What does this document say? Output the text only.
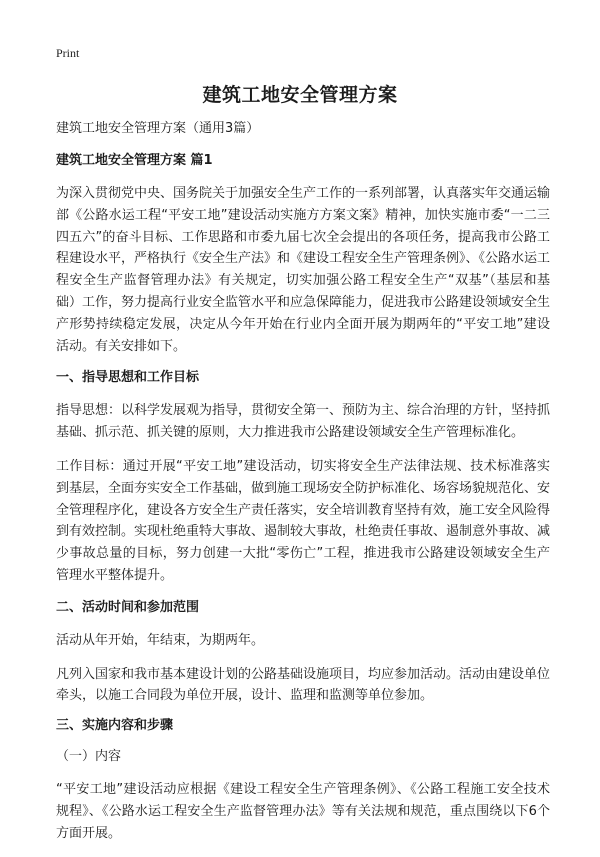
Print
建筑工地安全管理方案

建筑工地安全管理方案（通用3篇）

建筑工地安全管理方案 篇1

为深入贯彻党中央、国务院关于加强安全生产工作的一系列部署，认真落实年交通运输部《公路水运工程“平安工地”建设活动实施方方案文案》精神，加快实施市委“一二三四五六”的奋斗目标、工作思路和市委九届七次全会提出的各项任务，提高我市公路工程建设水平，严格执行《安全生产法》和《建设工程安全生产管理条例》、《公路水运工程安全生产监督管理办法》有关规定，切实加强公路工程安全生产“双基”（基层和基础）工作，努力提高行业安全监管水平和应急保障能力，促进我市公路建设领域安全生产形势持续稳定发展，决定从今年开始在行业内全面开展为期两年的“平安工地”建设活动。有关安排如下。

一、指导思想和工作目标

指导思想：以科学发展观为指导，贯彻安全第一、预防为主、综合治理的方针，坚持抓基础、抓示范、抓关键的原则，大力推进我市公路建设领域安全生产管理标准化。

工作目标：通过开展“平安工地”建设活动，切实将安全生产法律法规、技术标准落实到基层，全面夯实安全工作基础，做到施工现场安全防护标准化、场容场貌规范化、安全管理程序化，建设各方安全生产责任落实，安全培训教育坚持有效，施工安全风险得到有效控制。实现杜绝重特大事故、遏制较大事故，杜绝责任事故、遏制意外事故、减少事故总量的目标，努力创建一大批“零伤亡”工程，推进我市公路建设领域安全生产管理水平整体提升。

二、活动时间和参加范围

活动从年开始，年结束，为期两年。

凡列入国家和我市基本建设计划的公路基础设施项目，均应参加活动。活动由建设单位牵头，以施工合同段为单位开展，设计、监理和监测等单位参加。

三、实施内容和步骤

（一）内容

“平安工地”建设活动应根据《建设工程安全生产管理条例》、《公路工程施工安全技术规程》、《公路水运工程安全生产监督管理办法》等有关法规和规范，重点围绕以下6个方面开展。
